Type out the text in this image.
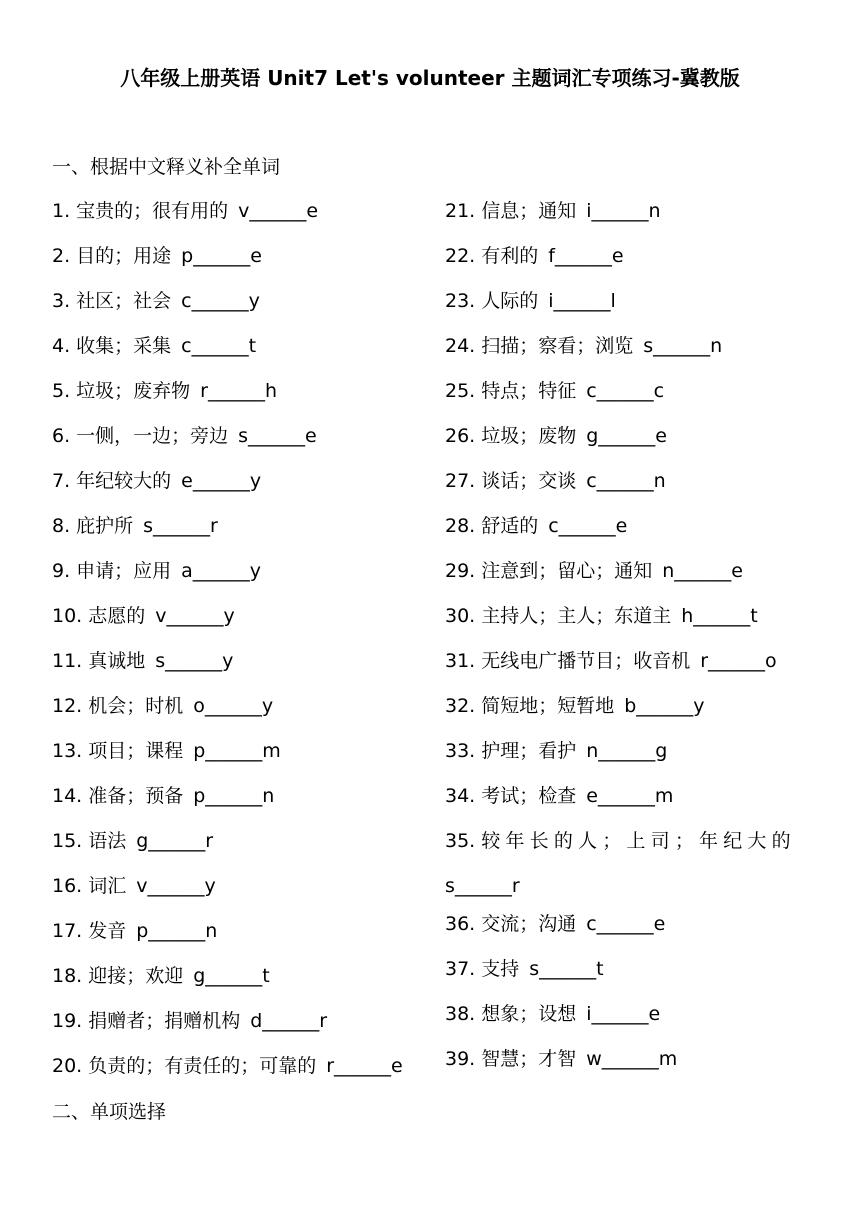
八年级上册英语 Unit7 Let's volunteer 主题词汇专项练习-冀教版
一、根据中文释义补全单词
1. 宝贵的；很有用的 v______e
2. 目的；用途 p______e
3. 社区；社会 c______y
4. 收集；采集 c______t
5. 垃圾；废弃物 r______h
6. 一侧，一边；旁边 s______e
7. 年纪较大的 e______y
8. 庇护所 s______r
9. 申请；应用 a______y
10. 志愿的 v______y
11. 真诚地 s______y
12. 机会；时机 o______y
13. 项目；课程 p______m
14. 准备；预备 p______n
15. 语法 g______r
16. 词汇 v______y
17. 发音 p______n
18. 迎接；欢迎 g______t
19. 捐赠者；捐赠机构 d______r
20. 负责的；有责任的；可靠的 r______e
21. 信息；通知 i______n
22. 有利的 f______e
23. 人际的 i______l
24. 扫描；察看；浏览 s______n
25. 特点；特征 c______c
26. 垃圾；废物 g______e
27. 谈话；交谈 c______n
28. 舒适的 c______e
29. 注意到；留心；通知 n______e
30. 主持人；主人；东道主 h______t
31. 无线电广播节目；收音机 r______o
32. 简短地；短暂地 b______y
33. 护理；看护 n______g
34. 考试；检查 e______m
35. 较年长的人；上司；年纪大的
s______r
36. 交流；沟通 c______e
37. 支持 s______t
38. 想象；设想 i______e
39. 智慧；才智 w______m
二、单项选择
